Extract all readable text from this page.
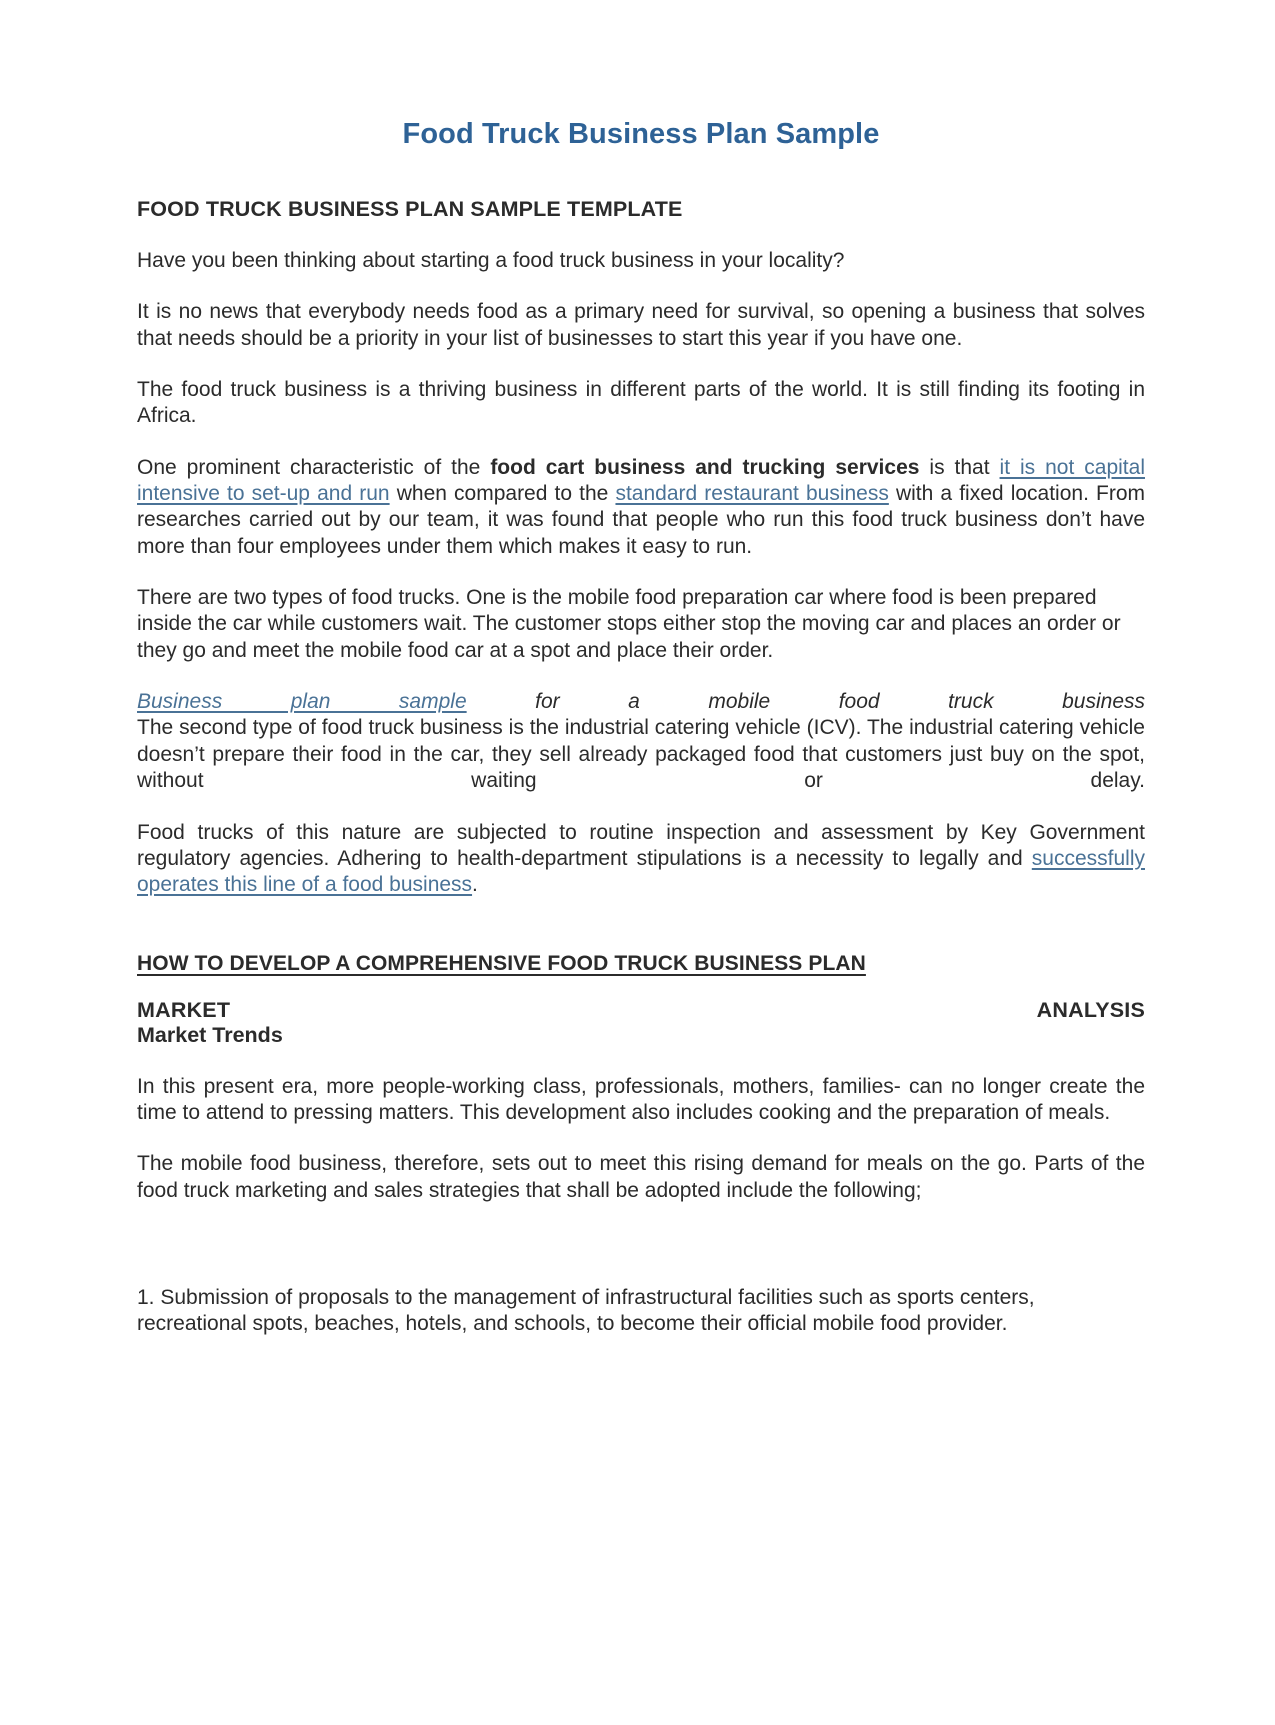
Food Truck Business Plan Sample
FOOD TRUCK BUSINESS PLAN SAMPLE TEMPLATE

Have you been thinking about starting a food truck business in your locality?

It is no news that everybody needs food as a primary need for survival, so opening a business that solves that needs should be a priority in your list of businesses to start this year if you have one.

The food truck business is a thriving business in different parts of the world. It is still finding its footing in Africa.

One prominent characteristic of the food cart business and trucking services is that it is not capital intensive to set-up and run when compared to the standard restaurant business with a fixed location. From researches carried out by our team, it was found that people who run this food truck business don’t have more than four employees under them which makes it easy to run.

There are two types of food trucks. One is the mobile food preparation car where food is been prepared inside the car while customers wait. The customer stops either stop the moving car and places an order or they go and meet the mobile food car at a spot and place their order.

Business plan sample for a mobile food truck business
The second type of food truck business is the industrial catering vehicle (ICV). The industrial catering vehicle doesn’t prepare their food in the car, they sell already packaged food that customers just buy on the spot, without waiting or delay.

Food trucks of this nature are subjected to routine inspection and assessment by Key Government regulatory agencies. Adhering to health-department stipulations is a necessity to legally and successfully operates this line of a food business.

HOW TO DEVELOP A COMPREHENSIVE FOOD TRUCK BUSINESS PLAN
MARKET	ANALYSIS
Market Trends

In this present era, more people-working class, professionals, mothers, families- can no longer create the time to attend to pressing matters. This development also includes cooking and the preparation of meals.

The mobile food business, therefore, sets out to meet this rising demand for meals on the go. Parts of the food truck marketing and sales strategies that shall be adopted include the following;

1. Submission of proposals to the management of infrastructural facilities such as sports centers, recreational spots, beaches, hotels, and schools, to become their official mobile food provider.
